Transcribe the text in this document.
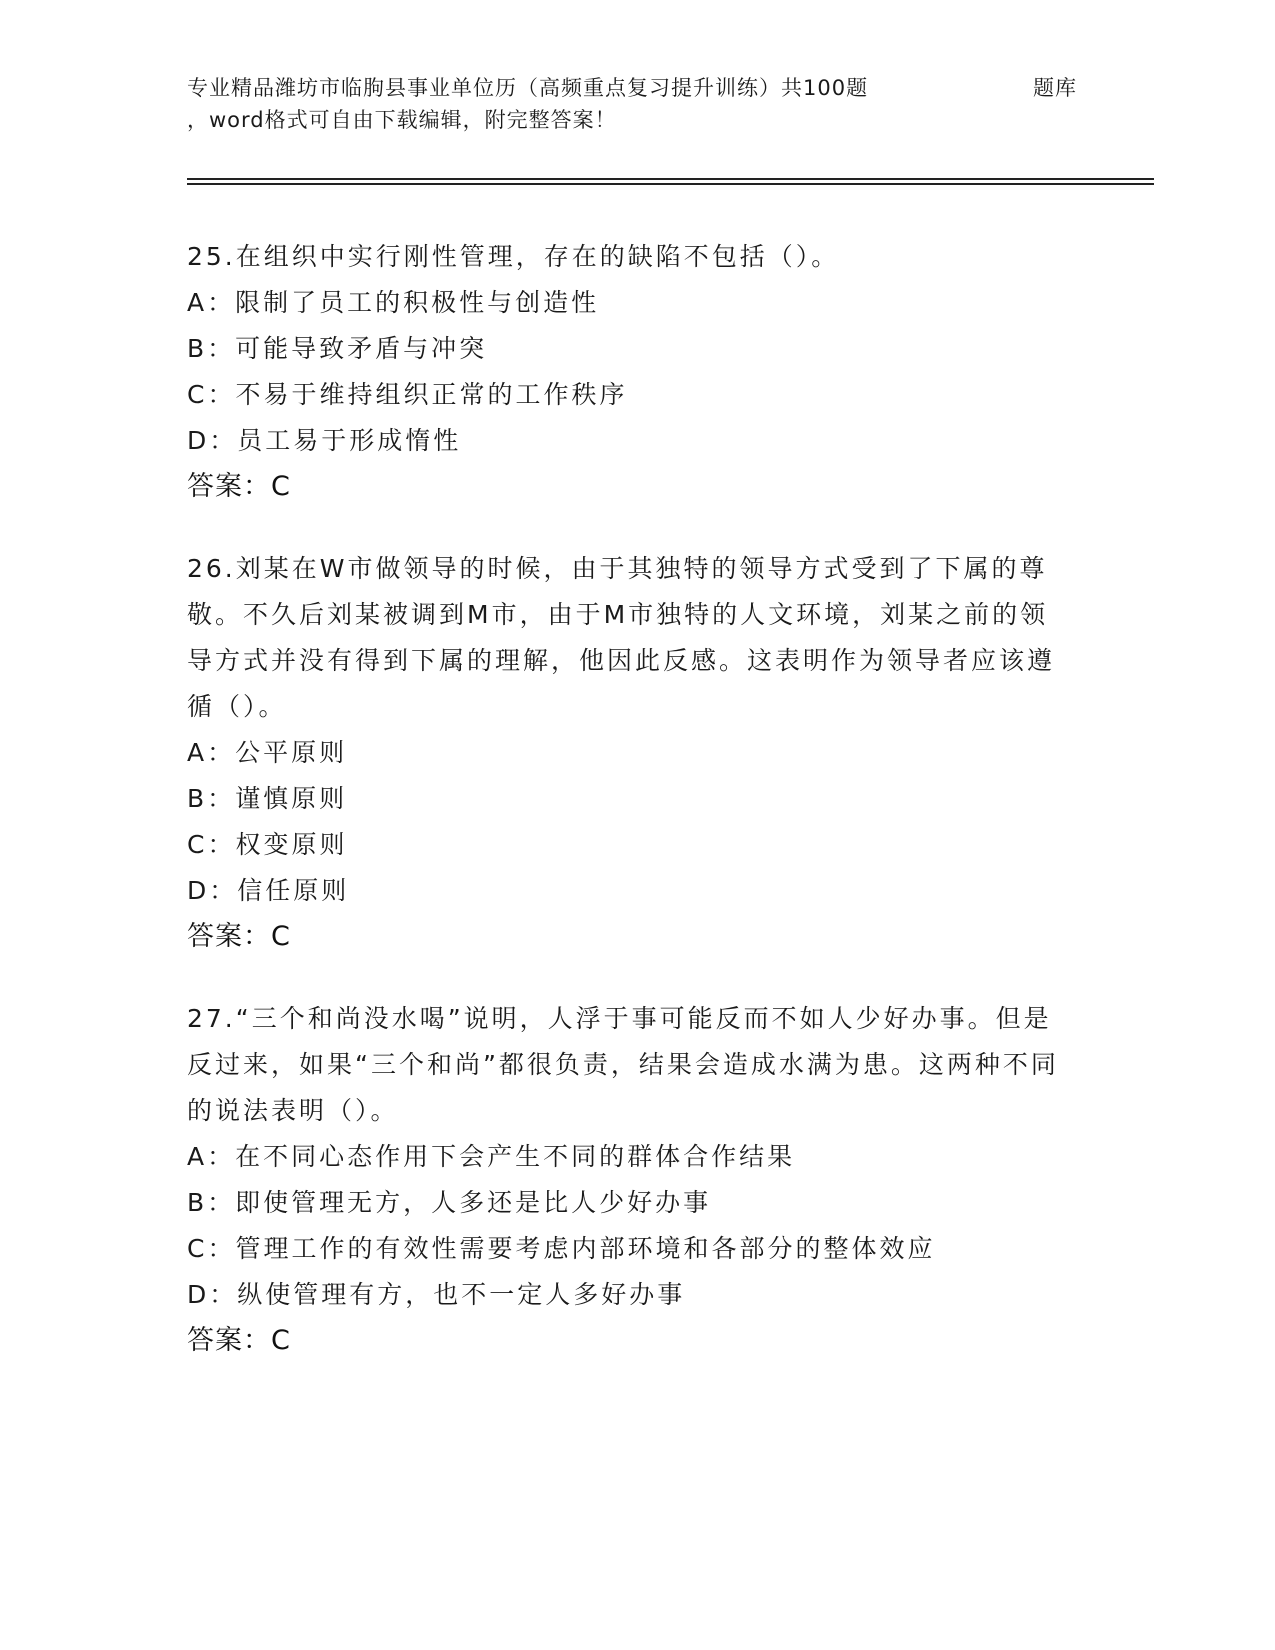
专业精品潍坊市临朐县事业单位历（高频重点复习提升训练）共100题	题库
，word格式可自由下载编辑，附完整答案！
25.在组织中实行刚性管理，存在的缺陷不包括（）。
A：限制了员工的积极性与创造性
B：可能导致矛盾与冲突
C：不易于维持组织正常的工作秩序
D：员工易于形成惰性
答案：C
26.刘某在W市做领导的时候，由于其独特的领导方式受到了下属的尊敬。不久后刘某被调到M市，由于M市独特的人文环境，刘某之前的领导方式并没有得到下属的理解，他因此反感。这表明作为领导者应该遵循（）。
A：公平原则
B：谨慎原则
C：权变原则
D：信任原则
答案：C
27.“三个和尚没水喝”说明，人浮于事可能反而不如人少好办事。但是反过来，如果“三个和尚”都很负责，结果会造成水满为患。这两种不同的说法表明（）。
A：在不同心态作用下会产生不同的群体合作结果
B：即使管理无方，人多还是比人少好办事
C：管理工作的有效性需要考虑内部环境和各部分的整体效应
D：纵使管理有方，也不一定人多好办事
答案：C
